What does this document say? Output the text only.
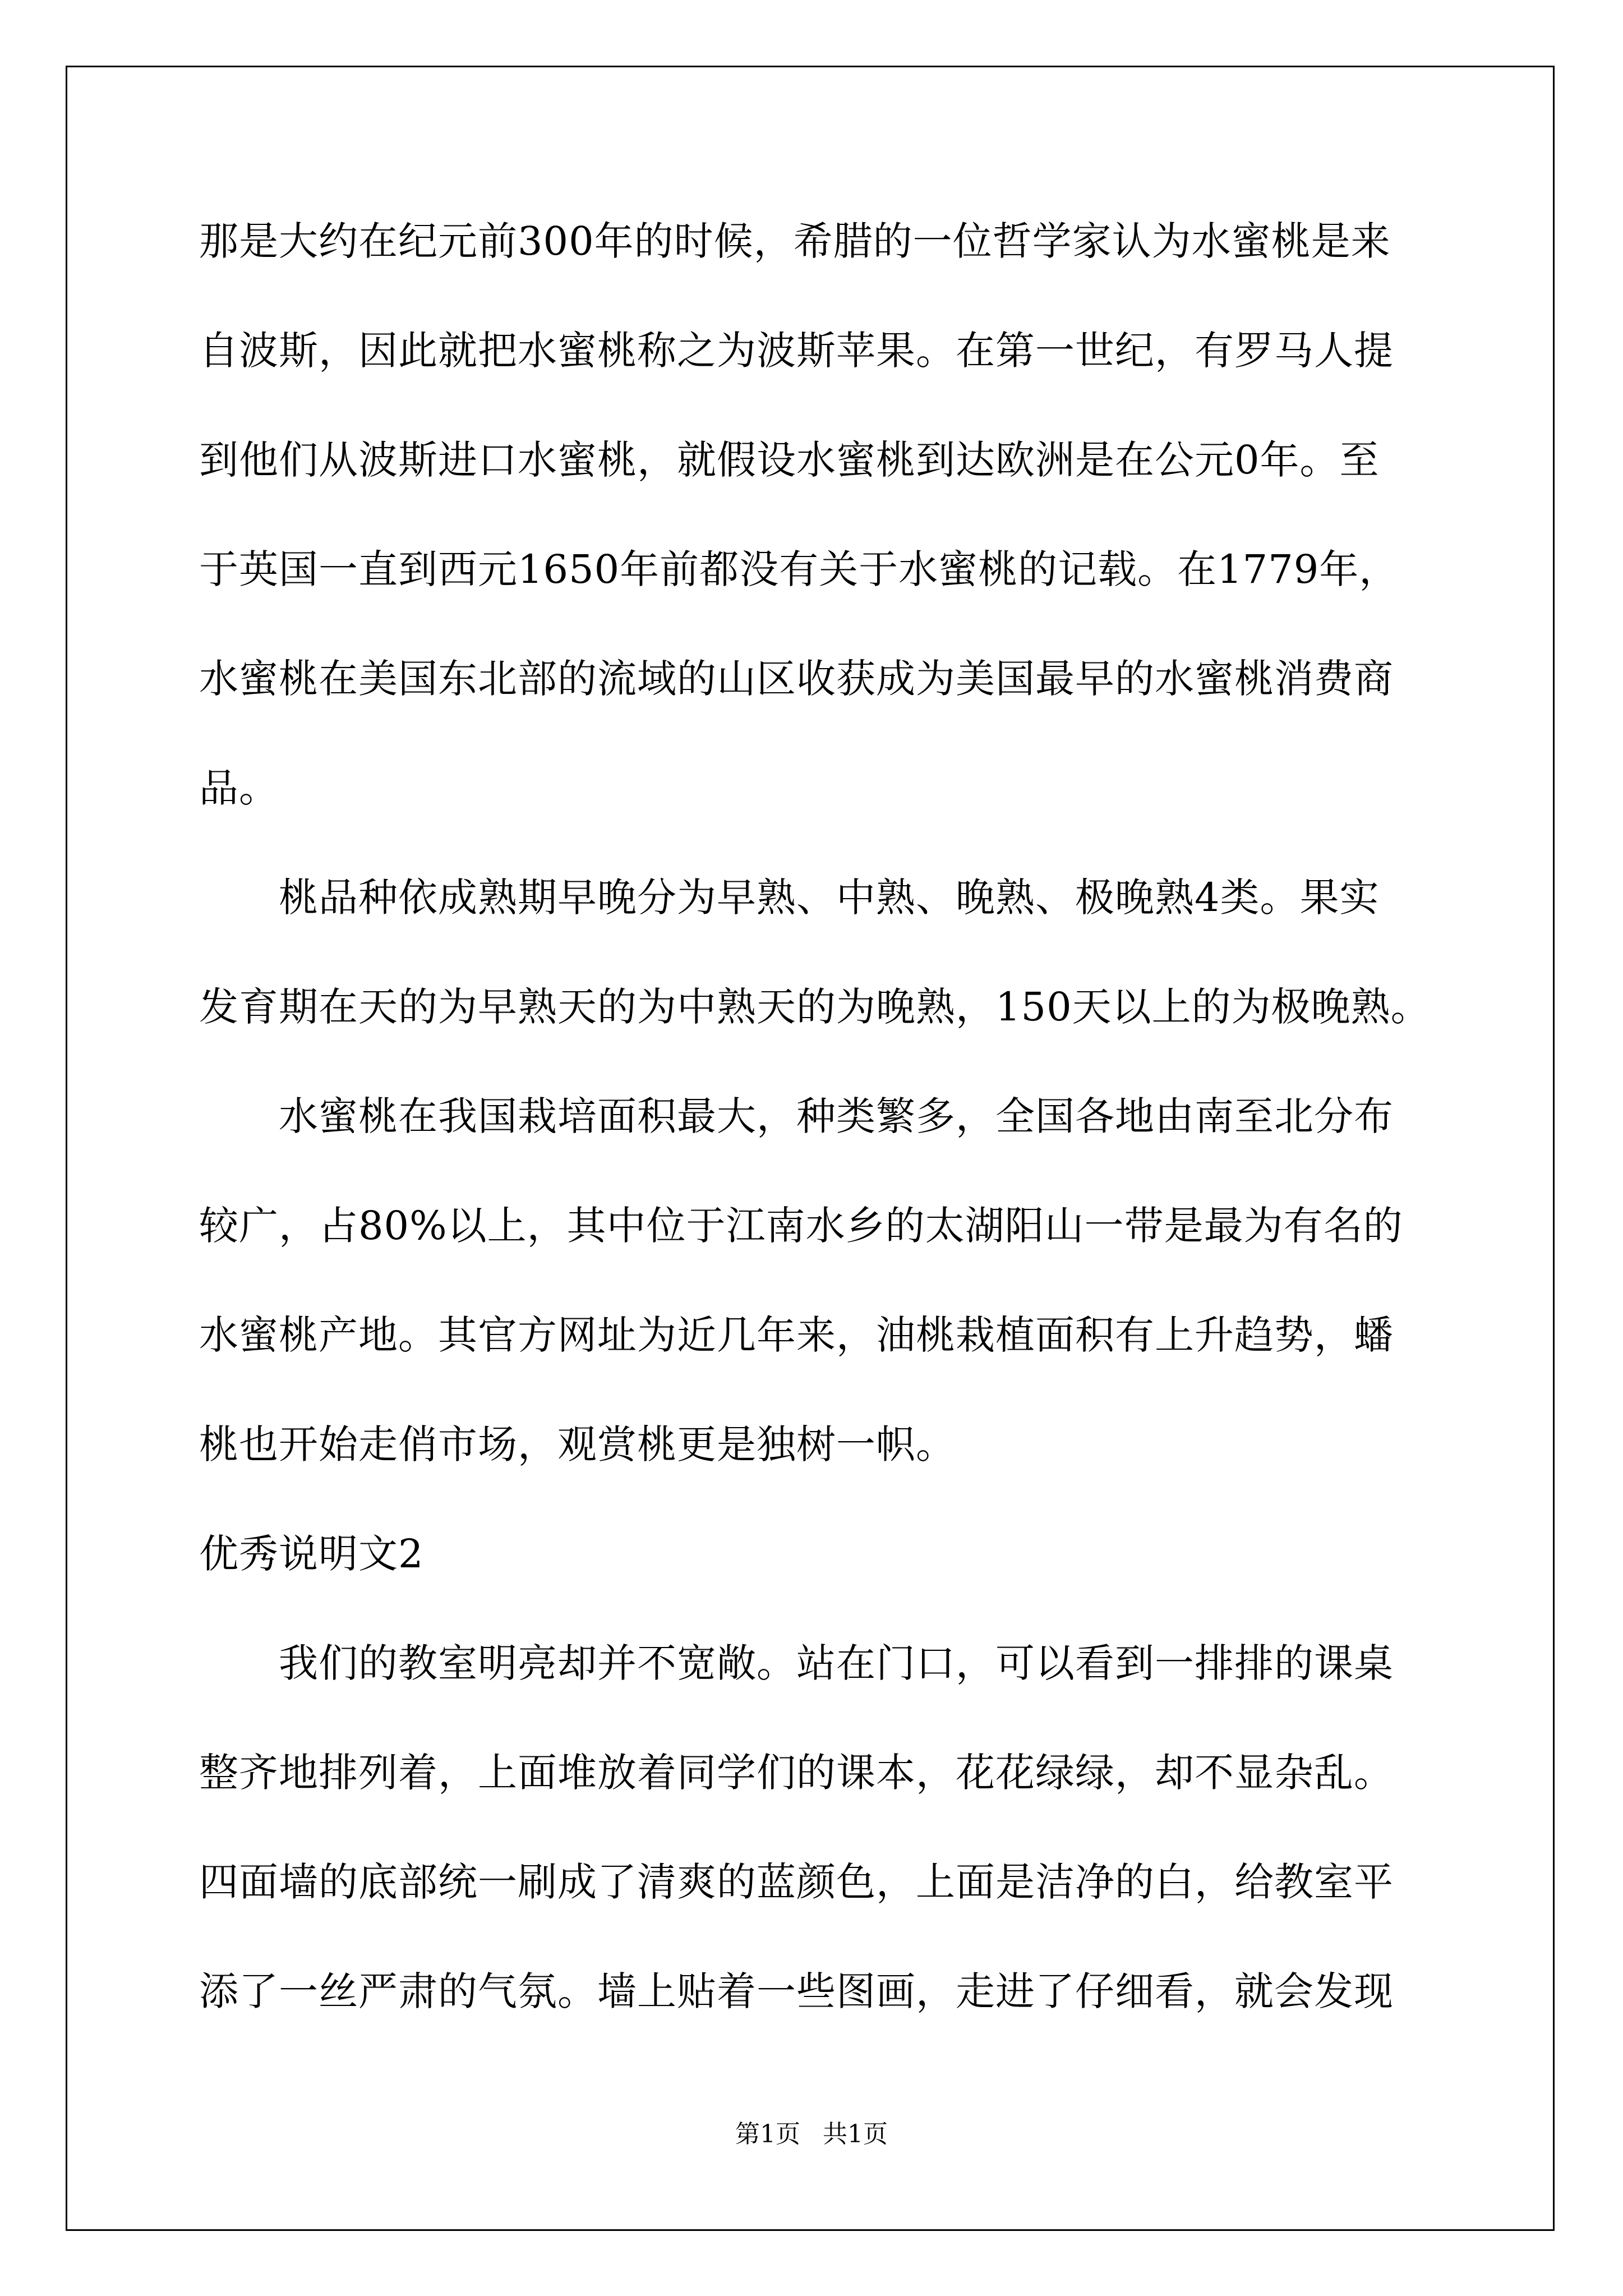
那是大约在纪元前300年的时候，希腊的一位哲学家认为水蜜桃是来
自波斯，因此就把水蜜桃称之为波斯苹果。在第一世纪，有罗马人提
到他们从波斯进口水蜜桃，就假设水蜜桃到达欧洲是在公元0年。至
于英国一直到西元1650年前都没有关于水蜜桃的记载。在1779年，
水蜜桃在美国东北部的流域的山区收获成为美国最早的水蜜桃消费商
品。
　　桃品种依成熟期早晚分为早熟、中熟、晚熟、极晚熟4类。果实
发育期在天的为早熟天的为中熟天的为晚熟，150天以上的为极晚熟。
　　水蜜桃在我国栽培面积最大，种类繁多，全国各地由南至北分布
较广，占80%以上，其中位于江南水乡的太湖阳山一带是最为有名的
水蜜桃产地。其官方网址为近几年来，油桃栽植面积有上升趋势，蟠
桃也开始走俏市场，观赏桃更是独树一帜。
优秀说明文2
　　我们的教室明亮却并不宽敞。站在门口，可以看到一排排的课桌
整齐地排列着，上面堆放着同学们的课本，花花绿绿，却不显杂乱。
四面墙的底部统一刷成了清爽的蓝颜色，上面是洁净的白，给教室平
添了一丝严肃的气氛。墙上贴着一些图画，走进了仔细看，就会发现
第1页 共1页
